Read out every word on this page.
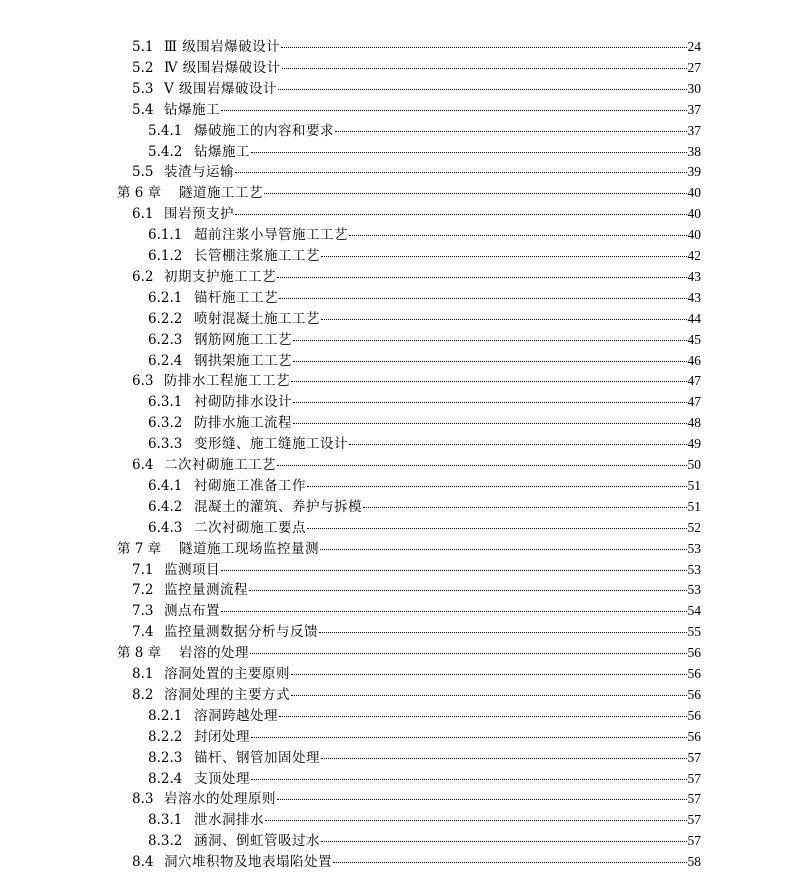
5.1 Ⅲ 级围岩爆破设计	24
5.2 Ⅳ 级围岩爆破设计	27
5.3 Ⅴ 级围岩爆破设计	30
5.4 钻爆施工	37
5.4.1 爆破施工的内容和要求	37
5.4.2 钻爆施工	38
5.5 装渣与运输	39
第 6 章	隧道施工工艺	40
6.1 围岩预支护	40
6.1.1 超前注浆小导管施工工艺	40
6.1.2 长管棚注浆施工工艺	42
6.2 初期支护施工工艺	43
6.2.1 锚杆施工工艺	43
6.2.2 喷射混凝土施工工艺	44
6.2.3 钢筋网施工工艺	45
6.2.4 钢拱架施工工艺	46
6.3 防排水工程施工工艺	47
6.3.1 衬砌防排水设计	47
6.3.2 防排水施工流程	48
6.3.3 变形缝、施工缝施工设计	49
6.4 二次衬砌施工工艺	50
6.4.1 衬砌施工准备工作	51
6.4.2 混凝土的灌筑、养护与拆模	51
6.4.3 二次衬砌施工要点	52
第 7 章	隧道施工现场监控量测	53
7.1 监测项目	53
7.2 监控量测流程	53
7.3 测点布置	54
7.4 监控量测数据分析与反馈	55
第 8 章	岩溶的处理	56
8.1 溶洞处置的主要原则	56
8.2 溶洞处理的主要方式	56
8.2.1 溶洞跨越处理	56
8.2.2 封闭处理	56
8.2.3 锚杆、钢管加固处理	57
8.2.4 支顶处理	57
8.3 岩溶水的处理原则	57
8.3.1 泄水洞排水	57
8.3.2 涵洞、倒虹管吸过水	57
8.4 洞穴堆积物及地表塌陷处置	58
